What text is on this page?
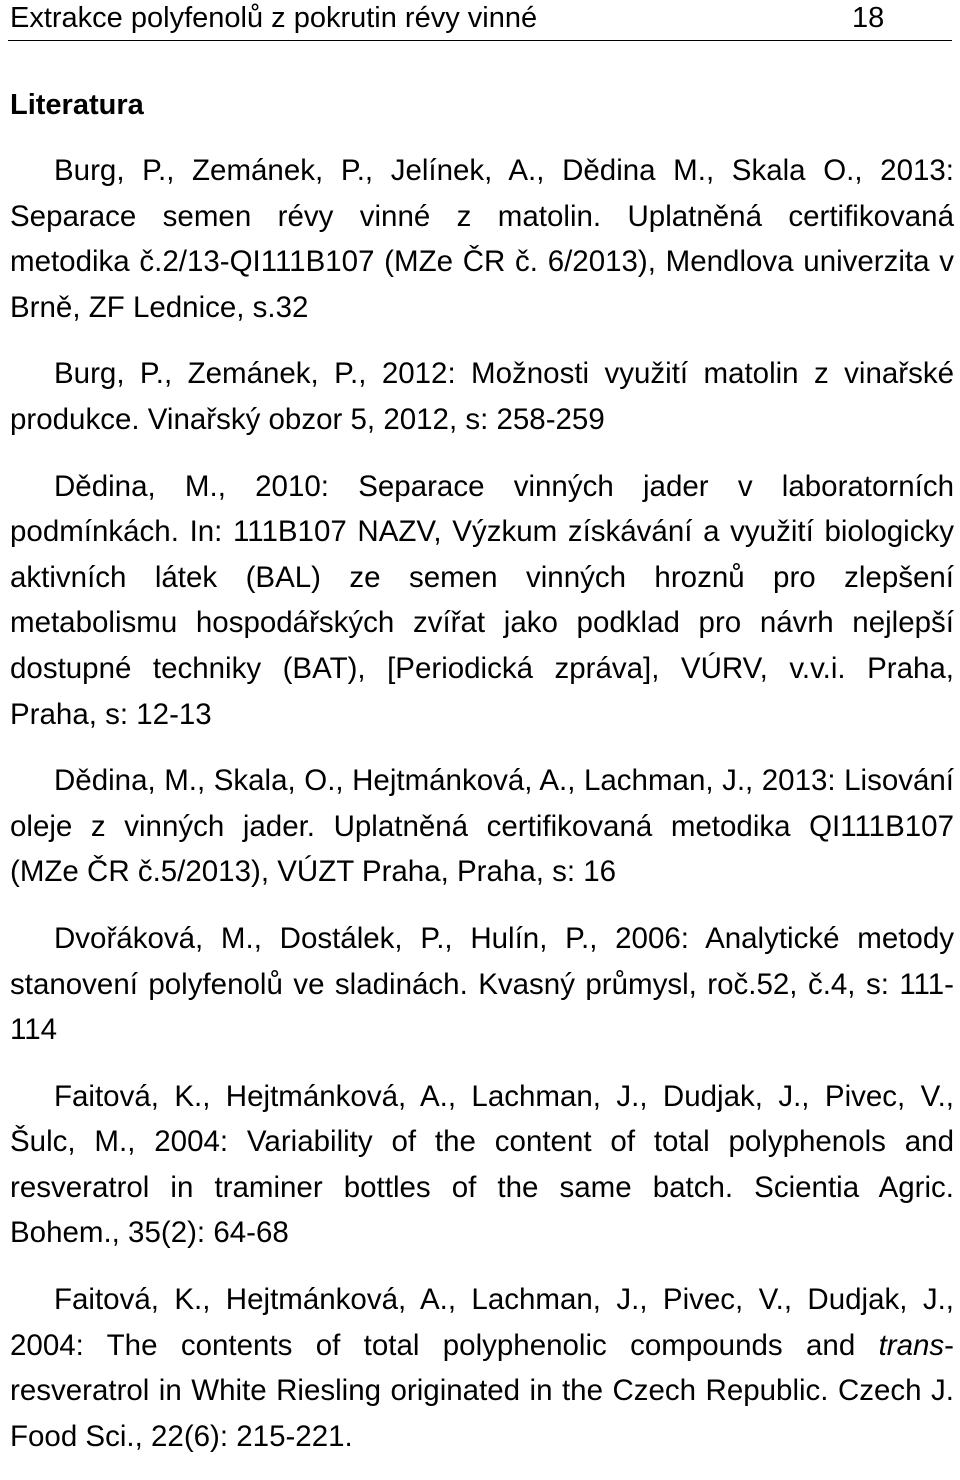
Extrakce polyfenolů z pokrutin révy vinné	18
Literatura
Burg, P., Zemánek, P., Jelínek, A., Dědina M., Skala O., 2013: Separace semen révy vinné z matolin. Uplatněná certifikovaná metodika č.2/13-QI111B107 (MZe ČR č. 6/2013), Mendlova univerzita v Brně, ZF Lednice, s.32
Burg, P., Zemánek, P., 2012: Možnosti využití matolin z vinařské produkce. Vinařský obzor 5, 2012, s: 258-259
Dědina, M., 2010: Separace vinných jader v laboratorních podmínkách. In: 111B107 NAZV, Výzkum získávání a využití biologicky aktivních látek (BAL) ze semen vinných hroznů pro zlepšení metabolismu hospodářských zvířat jako podklad pro návrh nejlepší dostupné techniky (BAT), [Periodická zpráva], VÚRV, v.v.i. Praha, Praha, s: 12-13
Dědina, M., Skala, O., Hejtmánková, A., Lachman, J., 2013: Lisování oleje z vinných jader. Uplatněná certifikovaná metodika QI111B107 (MZe ČR č.5/2013), VÚZT Praha, Praha, s: 16
Dvořáková, M., Dostálek, P., Hulín, P., 2006: Analytické metody stanovení polyfenolů ve sladinách. Kvasný průmysl, roč.52, č.4, s: 111-114
Faitová, K., Hejtmánková, A., Lachman, J., Dudjak, J., Pivec, V., Šulc, M., 2004: Variability of the content of total polyphenols and resveratrol in traminer bottles of the same batch. Scientia Agric. Bohem., 35(2): 64-68
Faitová, K., Hejtmánková, A., Lachman, J., Pivec, V., Dudjak, J., 2004: The contents of total polyphenolic compounds and trans-resveratrol in White Riesling originated in the Czech Republic. Czech J. Food Sci., 22(6): 215-221.
